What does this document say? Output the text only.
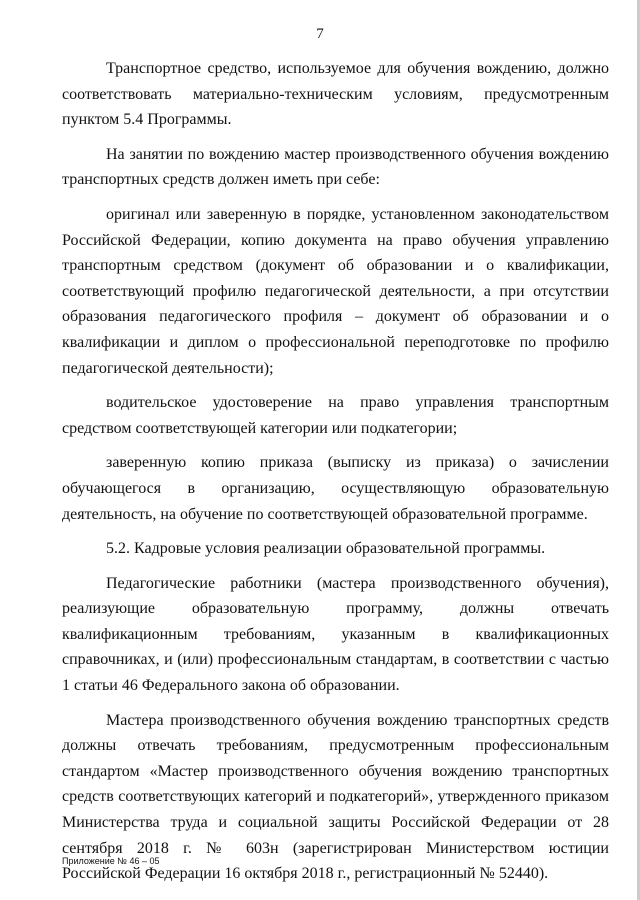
7

Транспортное средство, используемое для обучения вождению, должно соответствовать материально-техническим условиям, предусмотренным пунктом 5.4 Программы.

На занятии по вождению мастер производственного обучения вождению транспортных средств должен иметь при себе:

оригинал или заверенную в порядке, установленном законодательством Российской Федерации, копию документа на право обучения управлению транспортным средством (документ об образовании и о квалификации, соответствующий профилю педагогической деятельности, а при отсутствии образования педагогического профиля – документ об образовании и о квалификации и диплом о профессиональной переподготовке по профилю педагогической деятельности);

водительское удостоверение на право управления транспортным средством соответствующей категории или подкатегории;

заверенную копию приказа (выписку из приказа) о зачислении обучающегося в организацию, осуществляющую образовательную деятельность, на обучение по соответствующей образовательной программе.

5.2. Кадровые условия реализации образовательной программы.

Педагогические работники (мастера производственного обучения), реализующие образовательную программу, должны отвечать квалификационным требованиям, указанным в квалификационных справочниках, и (или) профессиональным стандартам, в соответствии с частью 1 статьи 46 Федерального закона об образовании.

Мастера производственного обучения вождению транспортных средств должны отвечать требованиям, предусмотренным профессиональным стандартом «Мастер производственного обучения вождению транспортных средств соответствующих категорий и подкатегорий», утвержденного приказом Министерства труда и социальной защиты Российской Федерации от 28 сентября 2018 г. № 603н (зарегистрирован Министерством юстиции Российской Федерации 16 октября 2018 г., регистрационный № 52440).

Приложение № 46 – 05
